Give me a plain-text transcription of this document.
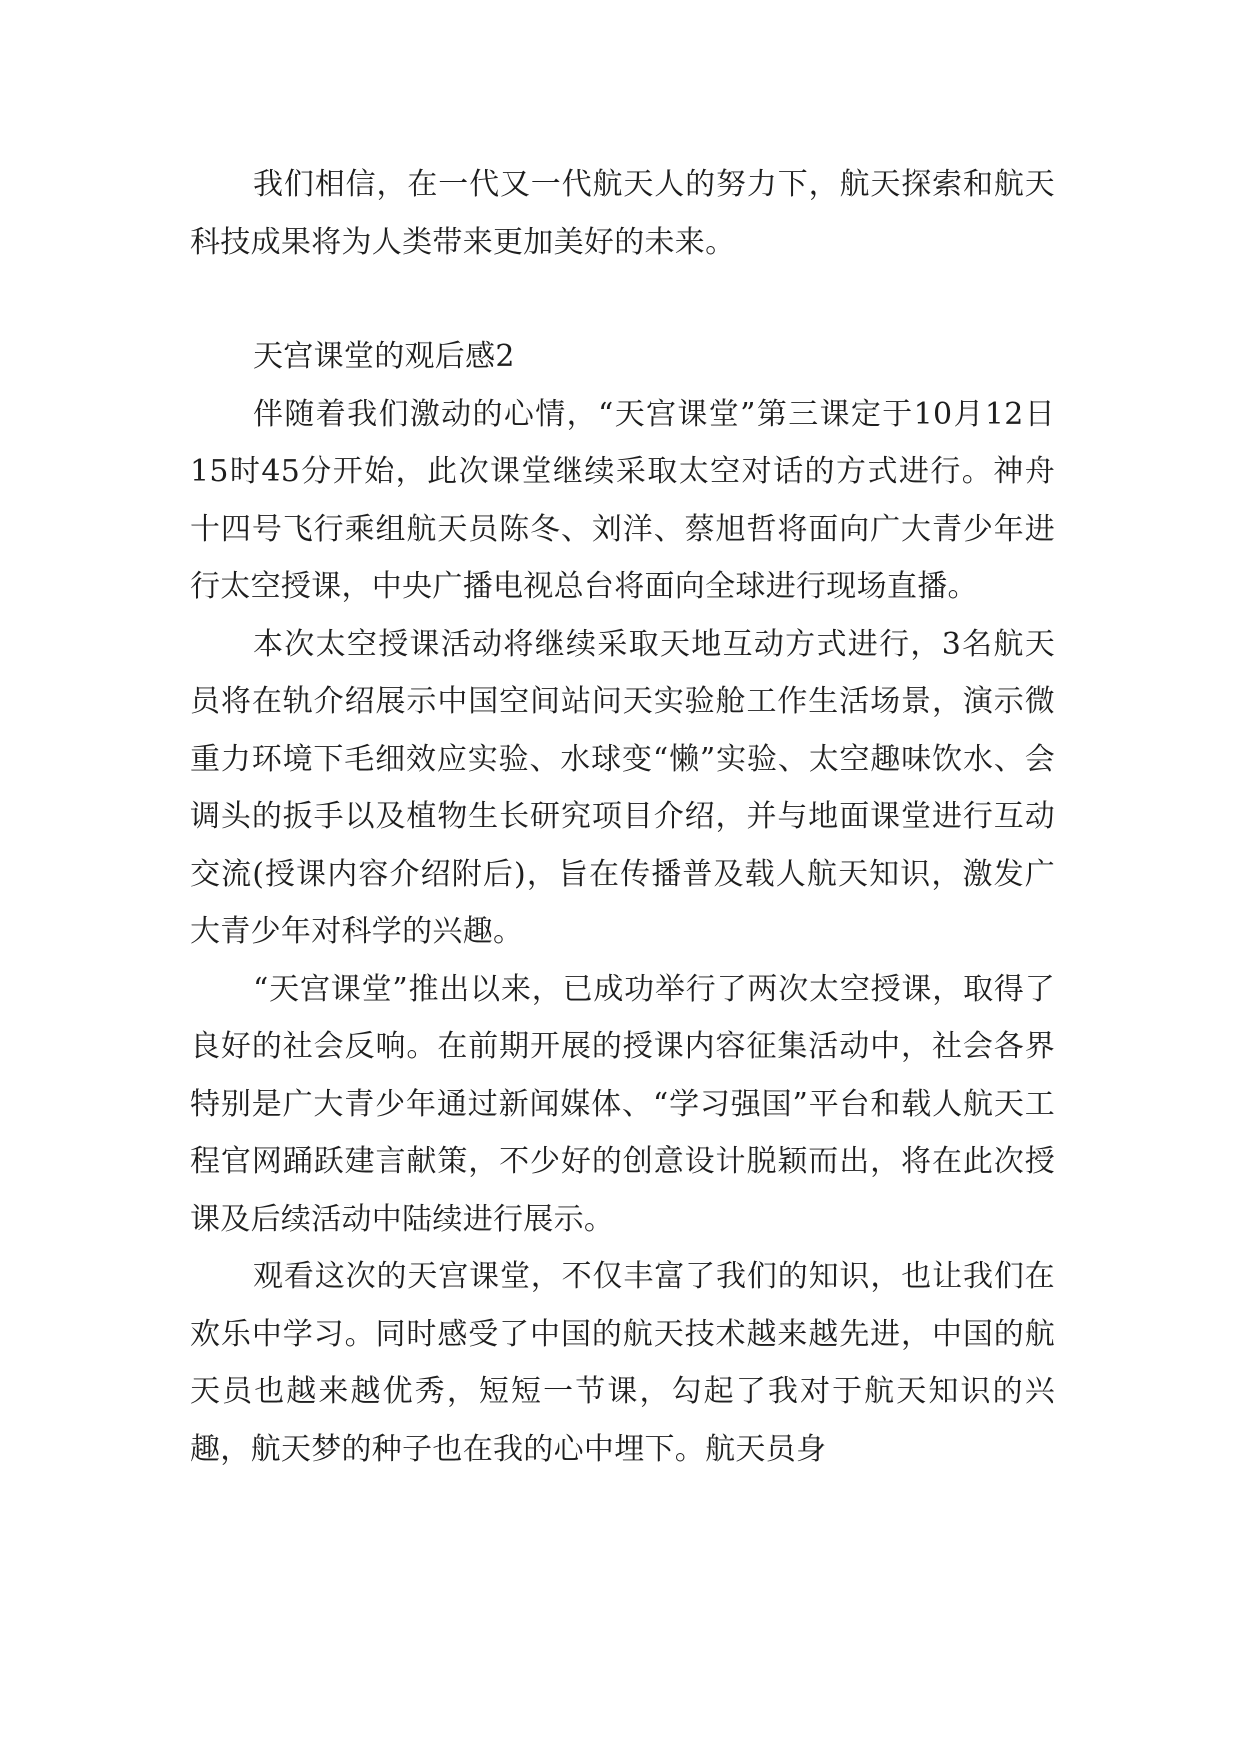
我们相信，在一代又一代航天人的努力下，航天探索和航天科技成果将为人类带来更加美好的未来。

天宫课堂的观后感2

伴随着我们激动的心情，“天宫课堂”第三课定于10月12日15时45分开始，此次课堂继续采取太空对话的方式进行。神舟十四号飞行乘组航天员陈冬、刘洋、蔡旭哲将面向广大青少年进行太空授课，中央广播电视总台将面向全球进行现场直播。

本次太空授课活动将继续采取天地互动方式进行，3名航天员将在轨介绍展示中国空间站问天实验舱工作生活场景，演示微重力环境下毛细效应实验、水球变“懒”实验、太空趣味饮水、会调头的扳手以及植物生长研究项目介绍，并与地面课堂进行互动交流(授课内容介绍附后)，旨在传播普及载人航天知识，激发广大青少年对科学的兴趣。

“天宫课堂”推出以来，已成功举行了两次太空授课，取得了良好的社会反响。在前期开展的授课内容征集活动中，社会各界特别是广大青少年通过新闻媒体、“学习强国”平台和载人航天工程官网踊跃建言献策，不少好的创意设计脱颖而出，将在此次授课及后续活动中陆续进行展示。

观看这次的天宫课堂，不仅丰富了我们的知识，也让我们在欢乐中学习。同时感受了中国的航天技术越来越先进，中国的航天员也越来越优秀，短短一节课，勾起了我对于航天知识的兴趣，航天梦的种子也在我的心中埋下。航天员身
